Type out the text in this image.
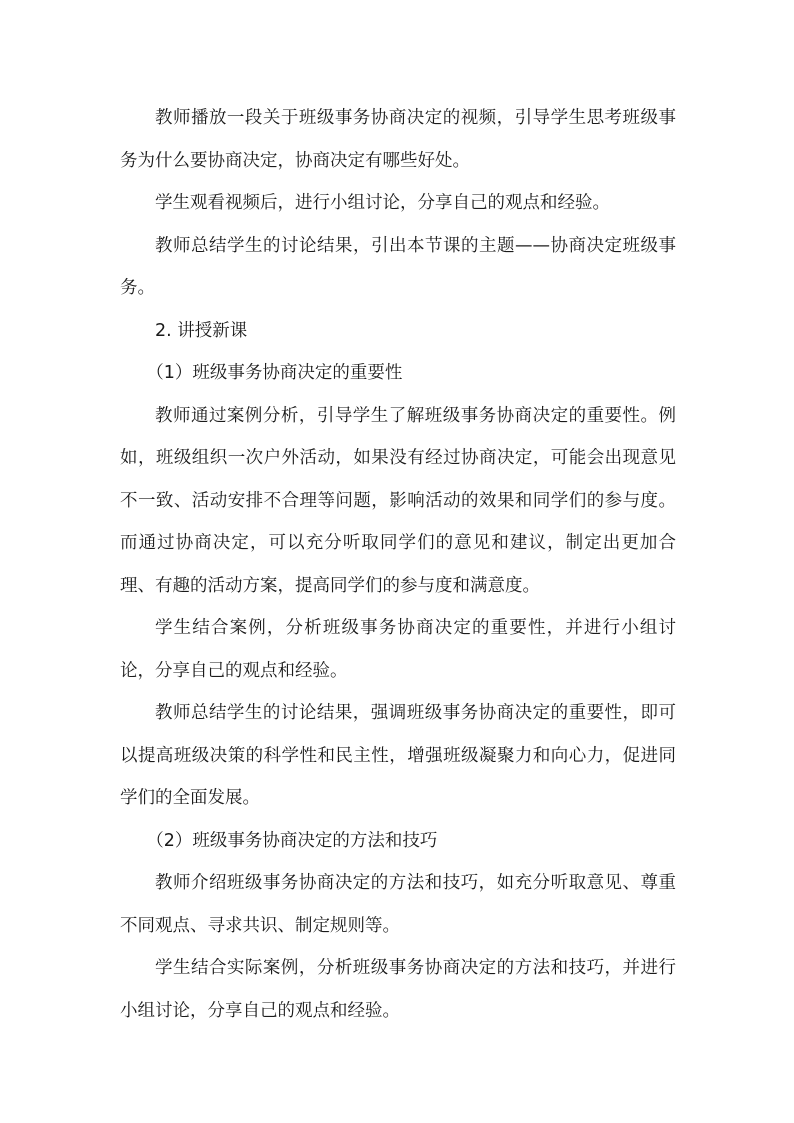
教师播放一段关于班级事务协商决定的视频，引导学生思考班级事务为什么要协商决定，协商决定有哪些好处。

学生观看视频后，进行小组讨论，分享自己的观点和经验。

教师总结学生的讨论结果，引出本节课的主题——协商决定班级事务。

2. 讲授新课

（1）班级事务协商决定的重要性

教师通过案例分析，引导学生了解班级事务协商决定的重要性。例如，班级组织一次户外活动，如果没有经过协商决定，可能会出现意见不一致、活动安排不合理等问题，影响活动的效果和同学们的参与度。而通过协商决定，可以充分听取同学们的意见和建议，制定出更加合理、有趣的活动方案，提高同学们的参与度和满意度。

学生结合案例，分析班级事务协商决定的重要性，并进行小组讨论，分享自己的观点和经验。

教师总结学生的讨论结果，强调班级事务协商决定的重要性，即可以提高班级决策的科学性和民主性，增强班级凝聚力和向心力，促进同学们的全面发展。

（2）班级事务协商决定的方法和技巧

教师介绍班级事务协商决定的方法和技巧，如充分听取意见、尊重不同观点、寻求共识、制定规则等。

学生结合实际案例，分析班级事务协商决定的方法和技巧，并进行小组讨论，分享自己的观点和经验。
